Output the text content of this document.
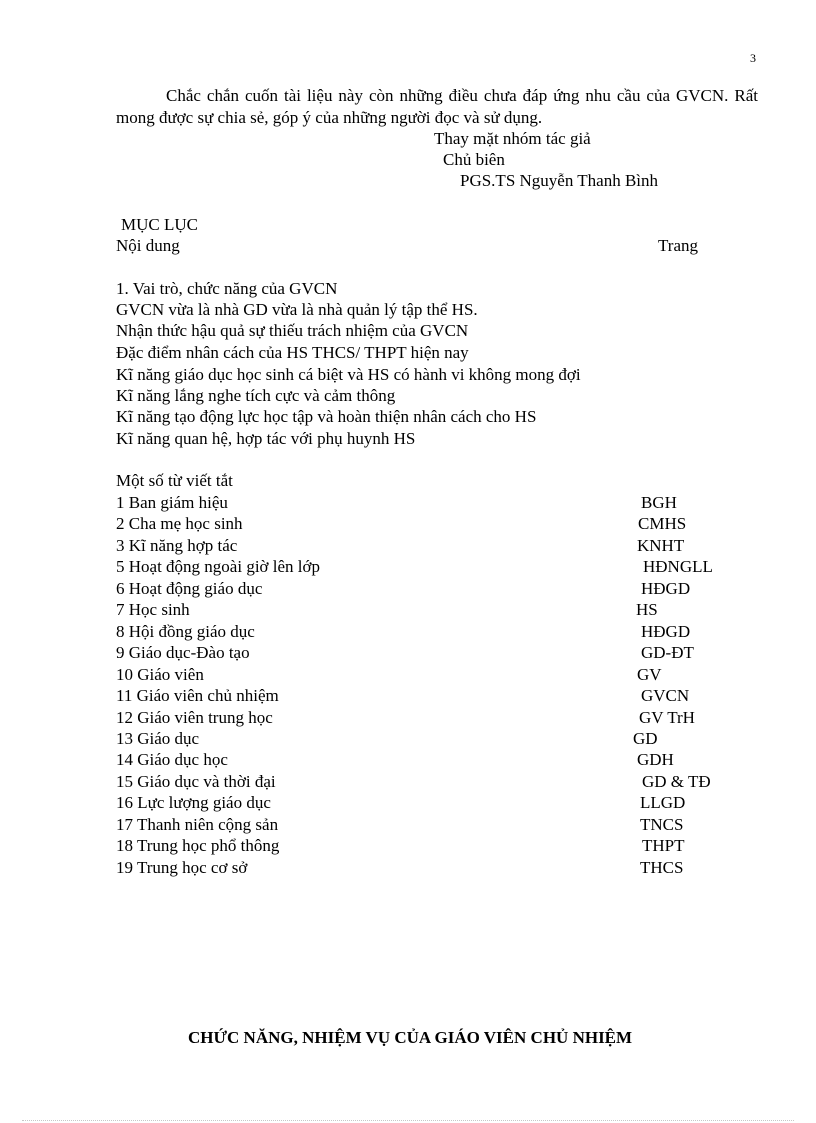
3
Chắc chắn cuốn tài liệu này còn những điều chưa đáp ứng nhu cầu của GVCN. Rất mong được sự chia sẻ, góp ý của những người đọc và sử dụng.
Thay mặt nhóm tác giả
Chủ biên
PGS.TS Nguyễn Thanh Bình
MỤC LỤC
Nội dung	Trang
1. Vai trò, chức năng của GVCN
GVCN vừa là nhà GD vừa là nhà quản lý tập thể HS.
Nhận thức hậu quả sự thiếu trách nhiệm của GVCN
Đặc điểm nhân cách của HS THCS/ THPT hiện nay
Kĩ năng giáo dục học sinh cá biệt và HS có hành vi không mong đợi
Kĩ năng lắng nghe tích cực và cảm thông
Kĩ năng tạo động lực học tập và hoàn thiện nhân cách cho HS
Kĩ năng quan hệ, hợp tác với phụ huynh HS
Một số từ viết tắt
1 Ban giám hiệu	BGH
2 Cha mẹ học sinh	CMHS
3 Kĩ năng hợp tác	KNHT
5 Hoạt động ngoài giờ lên lớp	HĐNGLL
6 Hoạt động giáo dục	HĐGD
7 Học sinh	HS
8 Hội đồng giáo dục	HĐGD
9 Giáo dục-Đào tạo	GD-ĐT
10 Giáo viên	GV
11 Giáo viên chủ nhiệm	GVCN
12 Giáo viên trung học	GV TrH
13 Giáo dục	GD
14 Giáo dục học	GDH
15 Giáo dục và thời đại	GD & TĐ
16 Lực lượng giáo dục	LLGD
17 Thanh niên cộng sản	TNCS
18 Trung học phổ thông	THPT
19 Trung học cơ sở	THCS
CHỨC NĂNG, NHIỆM VỤ CỦA GIÁO VIÊN CHỦ NHIỆM
